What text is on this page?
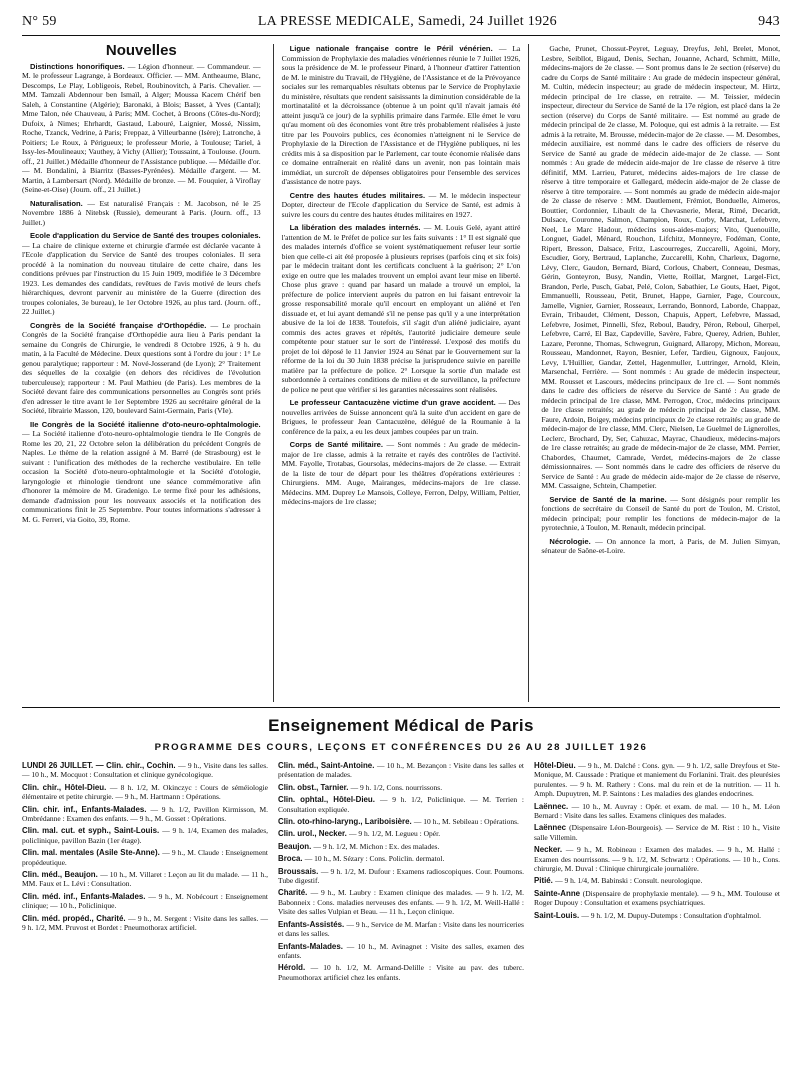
N° 59	LA PRESSE MEDICALE, Samedi, 24 Juillet 1926	943
Nouvelles

Distinctions honorifiques. — Légion d'honneur. — Commandeur. — M. le professeur Lagrange, à Bordeaux. Officier. — MM. Antheaume, Blanc, Descomps, Le Play, Lobligeois, Rebel, Roubinovitch, à Paris. Chevalier. — MM. Tamzali Abdennour ben Ismaïl, à Alger; Moussa Kacem Chérif ben Saleh, à Constantine (Algérie); Baronaki, à Blois; Basset, à Yves (Cantal); Mme Talon, née Chauveau, à Paris; MM. Cochet, à Broons (Côtes-du-Nord); Dufoix, à Nimes; Ehrhardt, Gastaud, Labouré, Laignier, Mossé, Nissim, Roche, Tzanck, Vedrine, à Paris; Freppaz, à Villeurbanne (Isère); Latronche, à Poitiers; Le Roux, à Périgueux; le professeur Morie, à Toulouse; Tariel, à Issy-les-Moulineaux; Vauthey, à Vichy (Allier); Toussaint, à Toulouse. (Journ. off., 21 Juillet.) Médaille d'honneur de l'Assistance publique. — Médaille d'or. — M. Bondalini, à Biarritz (Basses-Pyrénées). Médaille d'argent. — M. Martin, à Lambersart (Nord). Médaille de bronze. — M. Fouquier, à Viroflay (Seine-et-Oise) (Journ. off., 21 Juillet.)

Naturalisation. — Est naturalisé Français : M. Jacobson, né le 25 Novembre 1886 à Nitebsk (Russie), demeurant à Paris. (Journ. off., 13 Juillet.)

Ecole d'application du Service de Santé des troupes coloniales. — La chaire de clinique externe et chirurgie d'armée est déclarée vacante à l'Ecole d'application du Service de Santé des troupes coloniales. Il sera procédé à la nomination du nouveau titulaire de cette chaire, dans les conditions prévues par l'instruction du 15 Juin 1909, modifiée le 3 Décembre 1923. Les demandes des candidats, revêtues de l'avis motivé de leurs chefs hiérarchiques, devront parvenir au ministère de la Guerre (direction des troupes coloniales, 3e bureau), le 1er Octobre 1926, au plus tard. (Journ. off., 22 Juillet.)

Congrès de la Société française d'Orthopédie. — Le prochain Congrès de la Société française d'Orthopédie aura lieu à Paris pendant la semaine du Congrès de Chirurgie, le vendredi 8 Octobre 1926, à 9 h. du matin, à la Faculté de Médecine. Deux questions sont à l'ordre du jour : 1° Le genou paralytique; rapporteur : M. Nové-Josserand (de Lyon); 2° Traitement des séquelles de la coxalgie (en dehors des récidives de l'évolution tuberculeuse); rapporteur : M. Paul Mathieu (de Paris). Les membres de la Société devant faire des communications personnelles au Congrès sont priés d'en adresser le titre avant le 1er Septembre 1926 au secrétaire général de la Société, librairie Masson, 120, boulevard Saint-Germain, Paris (VIe).

IIe Congrès de la Société italienne d'oto-neuro-ophtalmologie. — La Société italienne d'oto-neuro-ophtalmologie tiendra le IIe Congrès de Rome les 20, 21, 22 Octobre selon la délibération du précédent Congrès de Naples. Le thème de la relation assigné à M. Barré (de Strasbourg) est le suivant : l'unification des méthodes de la recherche vestibulaire. En telle occasion la Société d'oto-neuro-ophtalmologie et la Société d'otologie, laryngologie et rhinologie tiendront une séance commémorative afin d'honorer la mémoire de M. Gradenigo. Le terme fixé pour les adhésions, demande d'admission pour les nouveaux associés et la notification des communications finit le 25 Septembre. Pour toutes informations s'adresser à M. G. Ferreri, via Goito, 39, Rome.

Ligue nationale française contre le Péril vénérien. — La Commission de Prophylaxie des maladies vénériennes réunie le 7 Juillet 1926, sous la présidence de M. le professeur Pinard, à l'honneur d'attirer l'attention de M. le ministre du Travail, de l'Hygiène, de l'Assistance et de la Prévoyance sociales sur les remarquables résultats obtenus par le Service de Prophylaxie du ministère, résultats que rendent saisissants la diminution considérable de la mortinatalité et la décroissance (obtenue à un point qu'il n'avait jamais été atteint jusqu'à ce jour) de la syphilis primaire dans l'armée. Elle émet le vœu qu'au moment où des économies vont être très probablement réalisées à juste titre par les Pouvoirs publics, ces économies n'atteignent ni le Service de Prophylaxie de la Direction de l'Assistance et de l'Hygiène publiques, ni les crédits mis à sa disposition par le Parlement, car toute économie réalisée dans ce domaine entraînerait en réalité dans un avenir, non pas lointain mais immédiat, un surcroît de dépenses obligatoires pour l'ensemble des services d'assistance de notre pays.

Centre des hautes études militaires. — M. le médecin inspecteur Dopter, directeur de l'Ecole d'application du Service de Santé, est admis à suivre les cours du centre des hautes études militaires en 1927.

La libération des malades internés. — M. Louis Gelé, ayant attiré l'attention de M. le Préfet de police sur les faits suivants : 1° Il est signalé que des malades internés d'office se voient systématiquement refuser leur sortie bien que celle-ci ait été proposée à plusieurs reprises (parfois cinq et six fois) par le médecin traitant dont les certificats concluent à la guérison; 2° L'on exige en outre que les malades trouvent un emploi avant leur mise en liberté. Chose plus grave : quand par hasard un malade a trouvé un emploi, la préfecture de police intervient auprès du patron en lui faisant entrevoir la grosse responsabilité morale qu'il encourt en employant un aliéné et l'en dissuade et, et lui ayant demandé s'il ne pense pas qu'il y a une interprétation abusive de la loi de 1838. Toutefois, s'il s'agit d'un aliéné judiciaire, ayant commis des actes graves et répétés, l'autorité judiciaire demeure seule compétente pour statuer sur le sort de l'intéressé. L'exposé des motifs du projet de loi déposé le 11 Janvier 1924 au Sénat par le Gouvernement sur la réforme de la loi du 30 Juin 1838 précise la jurisprudence suivie en pareille matière par la préfecture de police. 2° Lorsque la sortie d'un malade est subordonnée à certaines conditions de milieu et de surveillance, la préfecture de police ne peut que vérifier si les garanties nécessaires sont réalisées.

Le professeur Cantacuzène victime d'un grave accident. — Des nouvelles arrivées de Suisse annoncent qu'à la suite d'un accident en gare de Brigues, le professeur Jean Cantacuzène, délégué de la Roumanie à la conférence de la paix, a eu les deux jambes coupées par un train.

Corps de Santé militaire. — Sont nommés : Au grade de médecin-major de 1re classe, admis à la retraite et rayés des contrôles de l'activité. MM. Fayolle, Trotabas, Goursolas, médecins-majors de 2e classe. — Extrait de la liste de tour de départ pour les théâtres d'opérations extérieures : Chirurgiens. MM. Auge, Mairanges, médecins-majors de 1re classe. Médecins. MM. Duprey Le Mansois, Colleye, Ferron, Delpy, William, Peltier, médecins-majors de 1re classe;

Gache, Prunet, Chossut-Peyret, Leguay, Dreyfus, Jehl, Brelet, Monot, Lesbre, Seibllot, Bigaud, Denis, Sechan, Jouanne, Achard, Schmitt, Mille, médecins-majors de 2e classe. — Sont promus dans le 2e section (réserve) du cadre du Corps de Santé militaire : Au grade de médecin inspecteur général, M. Cultin, médecin inspecteur; au grade de médecin inspecteur, M. Hirtz, médecin principal de 1re classe, en retraite. — M. Teissier, médecin inspecteur, directeur du Service de Santé de la 17e région, est placé dans la 2e section (réserve) du Corps de Santé militaire. — Est nommé au grade de médecin principal de 2e classe, M. Poloque, qui est admis à la retraite. — Est admis à la retraite, M. Brousse, médecin-major de 2e classe. — M. Desombes, médecin auxiliaire, est nommé dans le cadre des officiers de réserve du Service de Santé au grade de médecin aide-major de 2e classe. — Sont nommés : Au grade de médecin aide-major de 1re classe de réserve à titre définitif, MM. Larrieu, Paturet, médecins aides-majors de 1re classe de réserve à titre temporaire et Gallegard, médecin aide-major de 2e classe de réserve à titre temporaire. — Sont nommés au grade de médecin aide-major de 2e classe de réserve : MM. Dautlement, Frémiot, Bonduelle, Aimeros, Bouttier, Cordonnier, Libault de la Chevasnerie, Merat, Rimé, Decaridt, Dulsace, Couronne, Salmon, Champion, Roux, Corby, Marchat, Lefebvre, Neel, Le Marc Hadour, médecins sous-aides-majors; Vito, Quenouille, Longuet, Gadel, Ménard, Rouchon, Lifchitz, Monneyre, Fodéman, Conte, Ripert, Bresson, Dalsace, Fritz, Lascourreges, Zuccarelli, Agoini, Mory, Escudier, Gory, Bertraud, Laplanche, Zuccarelli, Kohn, Charleux, Dagorne, Lévy, Clerc, Gaudon, Bernard, Biard, Corlous, Chabert, Conneau, Desmas, Gérin, Gonteyron, Busy, Nandin, Viette, Roillat, Margnet, Largel-Fict, Brandon, Perle, Pusch, Gabat, Pelé, Colon, Sabathier, Le Gouts, Haet, Pigot, Emmanuelli, Rousseau, Petit, Brunet, Happe, Garnier, Page, Courcoux, Jamelle, Vignier, Garnier, Rosseaux, Lerrando, Bonnord, Laborde, Chappaz, Evrain, Tribaudet, Clément, Desson, Chapuis, Appert, Lefebvre, Massad, Lefebvre, Josimet, Pinnelli, Sfez, Reboul, Baudry, Péron, Reboul, Gherpel, Lefebvre, Carré, El Baz, Capdeville, Savère, Fabre, Querey, Adrien, Buhler, Lazare, Peronne, Thomas, Schwegrun, Guignard, Allaropy, Michon, Moreau, Rousseau, Mandonnet, Rayon, Besnier, Lefer, Tardieu, Gignoux, Faujoux, Levy, L'Huillier, Gandar, Zettel, Hagenmuller, Luttringer, Arnold, Klein, Marsenchal, Ferrière. — Sont nommés : Au grade de médecin inspecteur, MM. Rousset et Lascours, médecins principaux de 1re cl. — Sont nommés dans le cadre des officiers de réserve du Service de Santé : Au grade de médecin principal de 1re classe, MM. Perrogon, Croc, médecins principaux de 1re classe retraités; au grade de médecin principal de 2e classe, MM. Faure, Ardoin, Boigey, médecins principaux de 2e classe retraités; au grade de médecin-major de 1re classe, MM. Clerc, Nielsen, Le Guelmel de Lignerolles, Leclerc, Brochard, Dy, Ser, Cahuzac, Mayrac, Chaudieux, médecins-majors de 1re classe retraités; au grade de médecin-major de 2e classe, MM. Perrier, Chabordes, Chaumet, Camrade, Verdet, médecins-majors de 2e classe démissionnaires. — Sont nommés dans le cadre des officiers de réserve du Service de Santé : Au grade de médecin aide-major de 2e classe de réserve, MM. Cassaigne, Schtein, Champetier.

Service de Santé de la marine. — Sont désignés pour remplir les fonctions de secrétaire du Conseil de Santé du port de Toulon, M. Cristol, médecin principal; pour remplir les fonctions de médecin-major de la pyrotechnie, à Toulon, M. Renault, médecin principal.

Nécrologie. — On annonce la mort, à Paris, de M. Julien Simyan, sénateur de Saône-et-Loire.

Enseignement Médical de Paris
PROGRAMME DES COURS, LEÇONS ET CONFÉRENCES DU 26 AU 28 JUILLET 1926
LUNDI 26 JUILLET. — Clin. chir., Cochin. — 9 h., Visite dans les salles. — 10 h., M. Mocquot : Consultation et clinique gynécologique.
Clin. chir., Hôtel-Dieu. — 8 h. 1/2, M. Okinczyc : Cours de séméiologie élémentaire et petite chirurgie. — 9 h., M. Hartmann : Opérations.
Clin. chir. inf., Enfants-Malades. — 9 h. 1/2, Pavillon Kirmisson, M. Ombrédanne : Examen des enfants. — 9 h., M. Gosset : Opérations.
Clin. mal. cut. et syph., Saint-Louis. — 9 h. 1/4, Examen des malades, policlinique, pavillon Bazin (1er étage).
Clin. mal. mentales (Asile Ste-Anne). — 9 h., M. Claude : Enseignement propédeutique.
Clin. méd., Beaujon. — 10 h., M. Villaret : Leçon au lit du malade. — 11 h., MM. Faux et L. Lévi : Consultation.
Clin. méd. inf., Enfants-Malades. — 9 h., M. Nobécourt : Enseignement clinique; — 10 h., Policlinique.
Clin. méd. propéd., Charité. — 9 h., M. Sergent : Visite dans les salles. — 9 h. 1/2, MM. Pruvost et Bordet : Pneumothorax artificiel.
Clin. méd., Saint-Antoine. — 10 h., M. Bezançon : Visite dans les salles et présentation de malades.
Clin. obst., Tarnier. — 9 h. 1/2, Cons. nourrissons.
Clin. ophtal., Hôtel-Dieu. — 9 h. 1/2, Policlinique. — M. Terrien : Consultation expliquée.
Clin. oto-rhino-laryng., Lariboisière. — 10 h., M. Sebileau : Opérations.
Clin. urol., Necker. — 9 h. 1/2, M. Legueu : Opér.
Beaujon. — 9 h. 1/2, M. Michon : Ex. des malades.
Broca. — 10 h., M. Sézary : Cons. Policlin. dermatol.
Broussais. — 9 h. 1/2, M. Dufour : Examens radioscopiques. Cour. Poumons. Tube digestif.
Charité. — 9 h., M. Laubry : Examen clinique des malades. — 9 h. 1/2, M. Babonneix : Cons. maladies nerveuses des enfants. — 9 h. 1/2, M. Weill-Hallé : Visite des salles Vulpian et Beau. — 11 h., Leçon clinique.
Enfants-Assistés. — 9 h., Service de M. Marfan : Visite dans les nourriceries et dans les salles.
Enfants-Malades. — 10 h., M. Avinagnet : Visite des salles, examen des enfants.
Hérold. — 10 h. 1/2, M. Armand-Delille : Visite au pav. des tuberc. Pneumothorax artificiel chez les enfants.
Hôtel-Dieu. — 9 h., M. Dalché : Cons. gyn. — 9 h. 1/2, salle Dreyfous et Ste-Monique, M. Caussade : Pratique et maniement du Forlanini. Trait. des pleurésies purulentes. — 9 h. M. Rathery : Cons. mal du rein et de la nutrition. — 11 h. Amph. Dupuytren, M. P. Saintons : Les maladies des glandes endocrines.
Laënnec. — 10 h., M. Auvray : Opér. et exam. de mal. — 10 h., M. Léon Bernard : Visite dans les salles. Examens cliniques des malades.
Laënnec (Dispensaire Léon-Bourgeois). — Service de M. Rist : 10 h., Visite salle Villemin.
Necker. — 9 h., M. Robineau : Examen des malades. — 9 h., M. Hallé : Examen des nourrissons. — 9 h. 1/2, M. Schwartz : Opérations. — 10 h., Cons. chirurgie, M. Duval : Clinique chirurgicale journalière.
Pitié. — 9 h. 1/4, M. Babinski : Consult. neurologique.
Sainte-Anne (Dispensaire de prophylaxie mentale). — 9 h., MM. Toulouse et Roger Dupouy : Consultation et examens psychiatriques.
Saint-Louis. — 9 h. 1/2, M. Dupuy-Dutemps : Consultation d'ophtalmol.
